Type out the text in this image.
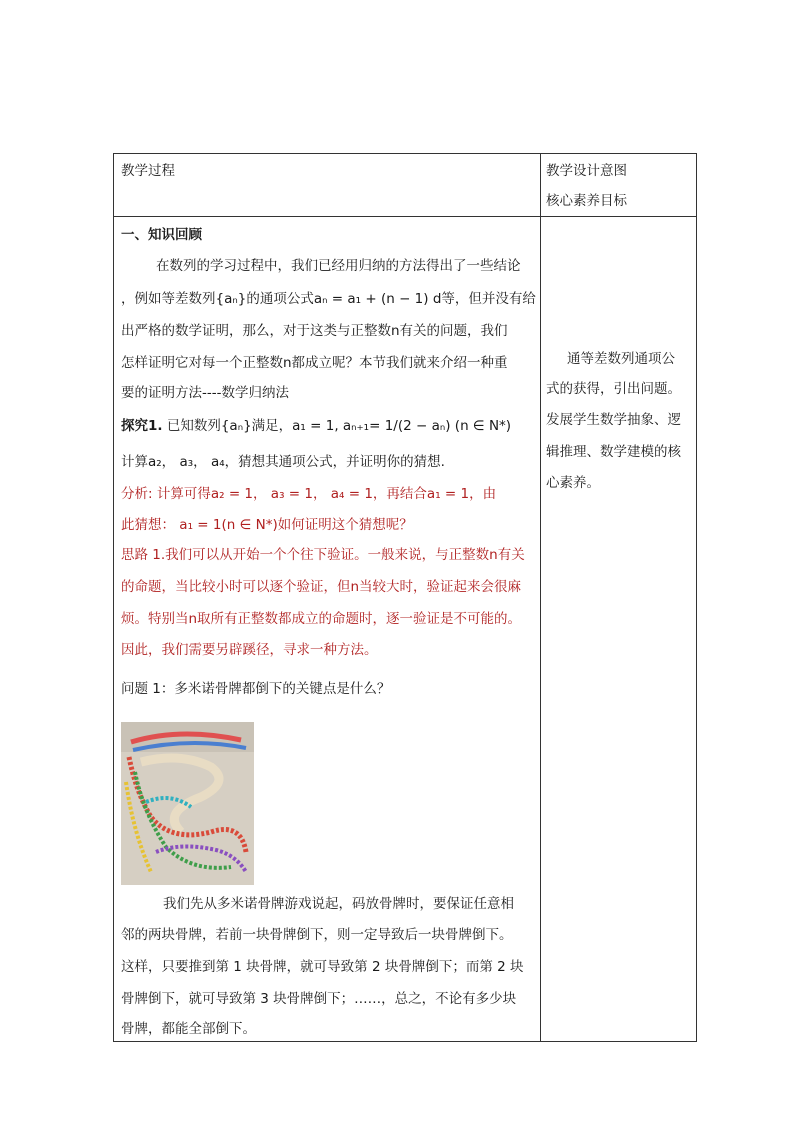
教学过程	教学设计意图
核心素养目标
一、知识回顾
在数列的学习过程中，我们已经用归纳的方法得出了一些结论
，例如等差数列{aₙ}的通项公式aₙ = a₁ + (n − 1) d等，但并没有给
出严格的数学证明，那么，对于这类与正整数n有关的问题，我们
怎样证明它对每一个正整数n都成立呢？本节我们就来介绍一种重
要的证明方法----数学归纳法
探究1. 已知数列{aₙ}满足，a₁ = 1, aₙ₊₁= 1/(2 − aₙ) (n ∈ N*)
计算a₂， a₃， a₄，猜想其通项公式，并证明你的猜想.
分析: 计算可得a₂ = 1， a₃ = 1， a₄ = 1，再结合a₁ = 1，由
此猜想： a₁ = 1(n ∈ N*)如何证明这个猜想呢？
思路 1.我们可以从开始一个个往下验证。一般来说，与正整数n有关
的命题，当比较小时可以逐个验证，但n当较大时，验证起来会很麻
烦。特别当n取所有正整数都成立的命题时，逐一验证是不可能的。
因此，我们需要另辟蹊径，寻求一种方法。
问题 1：多米诺骨牌都倒下的关键点是什么？
我们先从多米诺骨牌游戏说起，码放骨牌时，要保证任意相
邻的两块骨牌，若前一块骨牌倒下，则一定导致后一块骨牌倒下。
这样，只要推到第 1 块骨牌，就可导致第 2 块骨牌倒下；而第 2 块
骨牌倒下，就可导致第 3 块骨牌倒下；……，总之，不论有多少块
骨牌，都能全部倒下。
通等差数列通项公
式的获得，引出问题。
发展学生数学抽象、逻
辑推理、数学建模的核
心素养。
